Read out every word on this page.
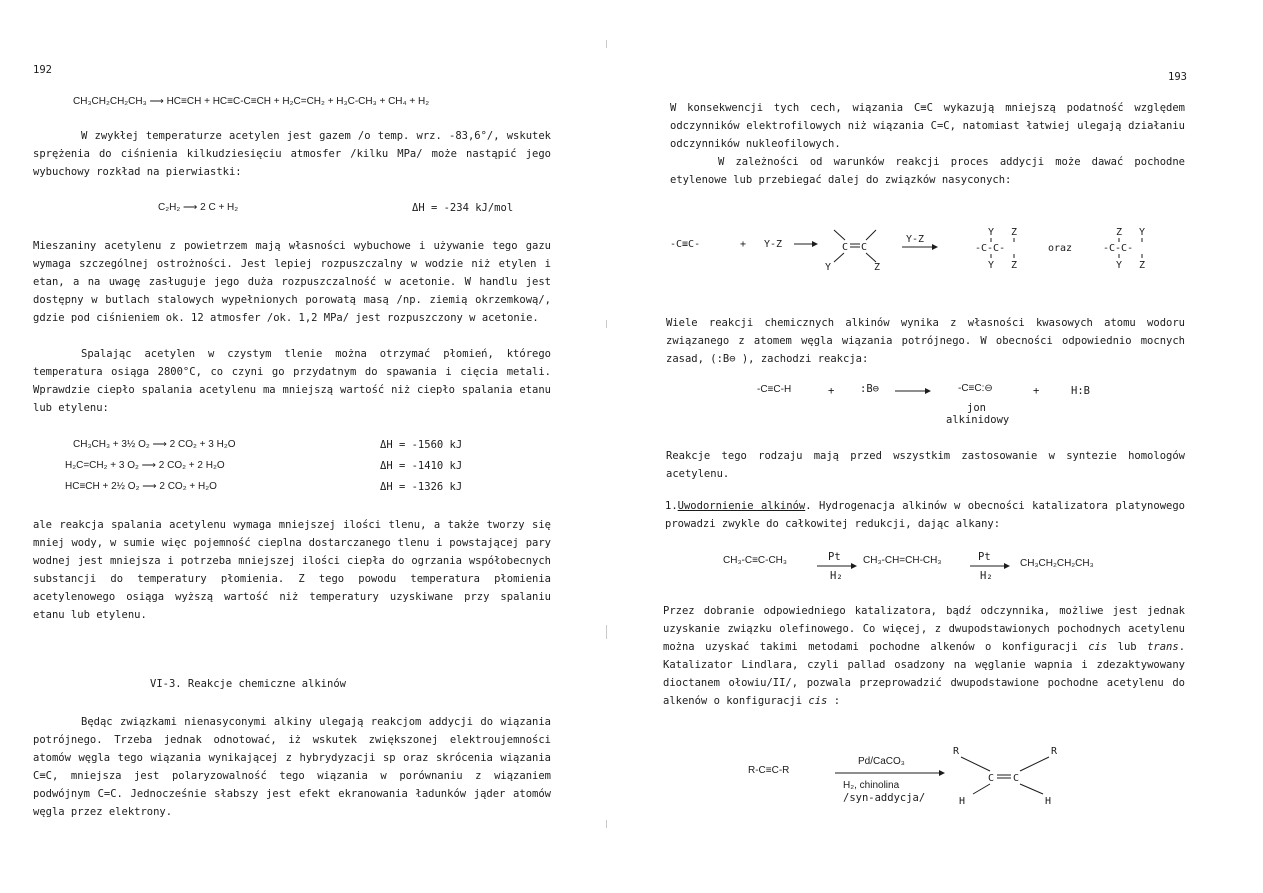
192
CH₃CH₂CH₂CH₃ ⟶ HC≡CH + HC≡C-C≡CH + H₂C=CH₂ + H₃C-CH₃ + CH₄ + H₂
W zwykłej temperaturze acetylen jest gazem /o temp. wrz. -83,6°/, wskutek sprężenia do ciśnienia kilkudziesięciu atmosfer /kilku MPa/ może nastąpić jego wybuchowy rozkład na pierwiastki:
C₂H₂ ⟶ 2 C + H₂	ΔH = -234 kJ/mol
Mieszaniny acetylenu z powietrzem mają własności wybuchowe i używanie tego gazu wymaga szczególnej ostrożności. Jest lepiej rozpuszczalny w wodzie niż etylen i etan, a na uwagę zasługuje jego duża rozpuszczalność w acetonie. W handlu jest dostępny w butlach stalowych wypełnionych porowatą masą /np. ziemią okrzemkową/, gdzie pod ciśnieniem ok. 12 atmosfer /ok. 1,2 MPa/ jest rozpuszczony w acetonie.
Spalając acetylen w czystym tlenie można otrzymać płomień, którego temperatura osiąga 2800°C, co czyni go przydatnym do spawania i cięcia metali. Wprawdzie ciepło spalania acetylenu ma mniejszą wartość niż ciepło spalania etanu lub etylenu:
CH₃CH₃ + 3½ O₂ ⟶ 2 CO₂ + 3 H₂O	ΔH = -1560 kJ
H₂C=CH₂ + 3 O₂ ⟶ 2 CO₂ + 2 H₂O	ΔH = -1410 kJ
HC≡CH + 2½ O₂ ⟶ 2 CO₂ + H₂O	ΔH = -1326 kJ
ale reakcja spalania acetylenu wymaga mniejszej ilości tlenu, a także tworzy się mniej wody, w sumie więc pojemność cieplna dostarczanego tlenu i powstającej pary wodnej jest mniejsza i potrzeba mniejszej ilości ciepła do ogrzania współobecnych substancji do temperatury płomienia. Z tego powodu temperatura płomienia acetylenowego osiąga wyższą wartość niż temperatury uzyskiwane przy spalaniu etanu lub etylenu.
VI-3. Reakcje chemiczne alkinów
Będąc związkami nienasyconymi alkiny ulegają reakcjom addycji do wiązania potrójnego. Trzeba jednak odnotować, iż wskutek zwiększonej elektroujemności atomów węgla tego wiązania wynikającej z hybrydyzacji sp oraz skrócenia wiązania C≡C, mniejsza jest polaryzowalność tego wiązania w porównaniu z wiązaniem podwójnym C=C. Jednocześnie słabszy jest efekt ekranowania ładunków jąder atomów węgla przez elektrony.
193
W konsekwencji tych cech, wiązania C≡C wykazują mniejszą podatność względem odczynników elektrofilowych niż wiązania C=C, natomiast łatwiej ulegają działaniu odczynników nukleofilowych.
W zależności od warunków reakcji proces addycji może dawać pochodne etylenowe lub przebiegać dalej do związków nasyconych:
-C≡C-	+ Y-Z	C C
Y	Z
Y-Z
Y Z
-C-C-
Y Z
oraz
Z Y
-C-C-
Y Z
Wiele reakcji chemicznych alkinów wynika z własności kwasowych atomu wodoru związanego z atomem węgla wiązania potrójnego. W obecności odpowiednio mocnych zasad, (:B⊖ ), zachodzi reakcja:
-C≡C-H	+ :B⊖	-C≡C:⊖	+	H:B
jon
alkinidowy
Reakcje tego rodzaju mają przed wszystkim zastosowanie w syntezie homologów acetylenu.
1.Uwodornienie alkinów. Hydrogenacja alkinów w obecności katalizatora platynowego prowadzi zwykle do całkowitej redukcji, dając alkany:
CH₃-C≡C-CH₃	Pt
H₂
CH₃-CH=CH-CH₃	Pt
H₂
CH₃CH₂CH₂CH₃
Przez dobranie odpowiedniego katalizatora, bądź odczynnika, możliwe jest jednak uzyskanie związku olefinowego. Co więcej, z dwupodstawionych pochodnych acetylenu można uzyskać takimi metodami pochodne alkenów o konfiguracji cis lub trans. Katalizator Lindlara, czyli pallad osadzony na węglanie wapnia i zdezaktywowany dioctanem ołowiu/II/, pozwala przeprowadzić dwupodstawione pochodne acetylenu do alkenów o konfiguracji cis :
R-C≡C-R
Pd/CaCO₃
H₂, chinolina
/syn-addycja/
R	R
C C
H	H
